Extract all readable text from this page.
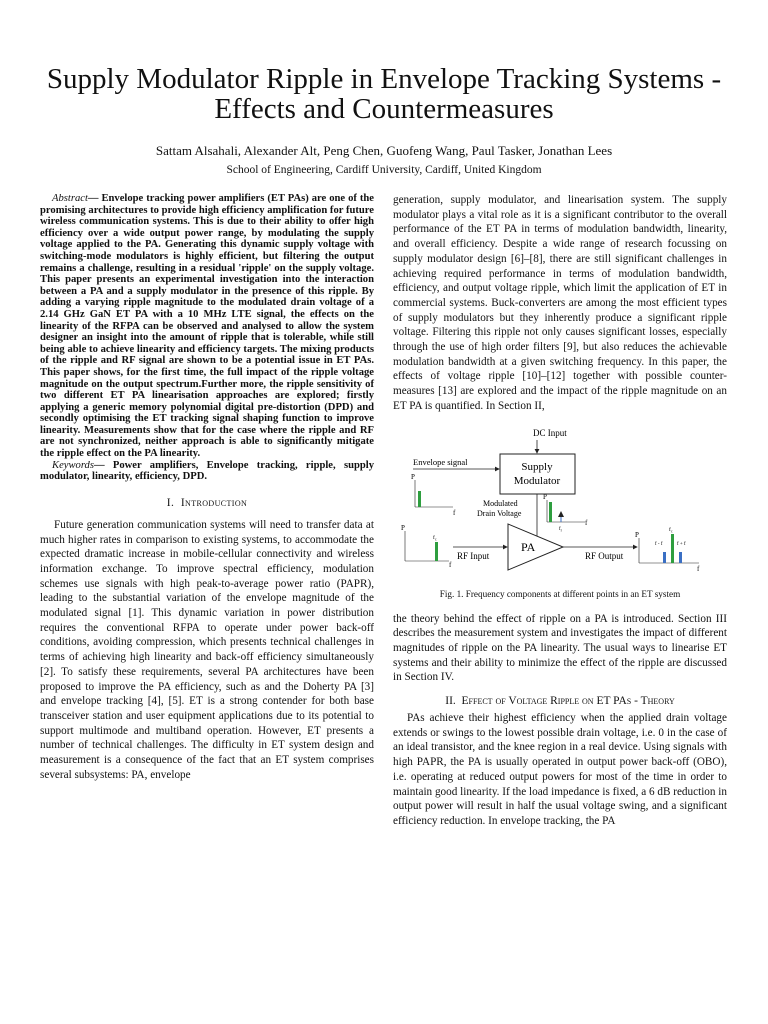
Supply Modulator Ripple in Envelope Tracking Systems - Effects and Countermeasures
Sattam Alsahali, Alexander Alt, Peng Chen, Guofeng Wang, Paul Tasker, Jonathan Lees
School of Engineering, Cardiff University, Cardiff, United Kingdom

Abstract— Envelope tracking power amplifiers (ET PAs) are one of the promising architectures to provide high efficiency amplification for future wireless communication systems. This is due to their ability to offer high efficiency over a wide output power range, by modulating the supply voltage applied to the PA. Generating this dynamic supply voltage with switching-mode modulators is highly efficient, but filtering the output remains a challenge, resulting in a residual 'ripple' on the supply voltage. This paper presents an experimental investigation into the interaction between a PA and a supply modulator in the presence of this ripple. By adding a varying ripple magnitude to the modulated drain voltage of a 2.14 GHz GaN ET PA with a 10 MHz LTE signal, the effects on the linearity of the RFPA can be observed and analysed to allow the system designer an insight into the amount of ripple that is tolerable, while still being able to achieve linearity and efficiency targets. The mixing products of the ripple and RF signal are shown to be a potential issue in ET PAs. This paper shows, for the first time, the full impact of the ripple voltage magnitude on the output spectrum.Further more, the ripple sensitivity of two different ET PA linearisation approaches are explored; firstly applying a generic memory polynomial digital pre-distortion (DPD) and secondly optimising the ET tracking signal shaping function to improve linearity. Measurements show that for the case where the ripple and RF are not synchronized, neither approach is able to significantly mitigate the ripple effect on the PA linearity.

Keywords— Power amplifiers, Envelope tracking, ripple, supply modulator, linearity, efficiency, DPD.

I. Introduction

Future generation communication systems will need to transfer data at much higher rates in comparison to existing systems, to accommodate the expected dramatic increase in mobile-cellular connectivity and wireless information exchange. To improve spectral efficiency, modulation schemes use signals with high peak-to-average power ratio (PAPR), leading to the substantial variation of the envelope magnitude of the modulated signal [1]. This dynamic variation in power distribution requires the conventional RFPA to operate under power back-off conditions, avoiding compression, which presents technical challenges in terms of achieving high linearity and back-off efficiency simultaneously [2]. To satisfy these requirements, several PA architectures have been proposed to improve the PA efficiency, such as and the Doherty PA [3] and envelope tracking [4], [5]. ET is a strong contender for both base transceiver station and user equipment applications due to its potential to support multimode and multiband operation. However, ET presents a number of technical challenges. The difficulty in ET system design and measurement is a consequence of the fact that an ET system comprises several subsystems: PA, envelope

generation, supply modulator, and linearisation system. The supply modulator plays a vital role as it is a significant contributor to the overall performance of the ET PA in terms of modulation bandwidth, linearity, and overall efficiency. Despite a wide range of research focussing on supply modulator design [6]–[8], there are still significant challenges in achieving required performance in terms of modulation bandwidth, efficiency, and output voltage ripple, which limit the application of ET in commercial systems. Buck-converters are among the most efficient types of supply modulators but they inherently produce a significant ripple voltage. Filtering this ripple not only causes significant losses, especially through the use of high order filters [9], but also reduces the achievable modulation bandwidth at a given switching frequency. In this paper, the effects of voltage ripple [10]–[12] together with possible counter-measures [13] are explored and the impact of the ripple magnitude on an ET PA is quantified. In Section II,

DC Input
Supply
Modulator
Envelope signal
P
f
Modulated
Drain Voltage
P
f
$f_r$
P
f
$f_c$
RF Input
PA
RF Output
P
f
$f_c$
f - f	f + f
Fig. 1. Frequency components at different points in an ET system

the theory behind the effect of ripple on a PA is introduced. Section III describes the measurement system and investigates the impact of different magnitudes of ripple on the PA linearity. The usual ways to linearise ET systems and their ability to minimize the effect of the ripple are discussed in Section IV.

II. Effect of Voltage Ripple on ET PAs - Theory

PAs achieve their highest efficiency when the applied drain voltage extends or swings to the lowest possible drain voltage, i.e. 0 in the case of an ideal transistor, and the knee region in a real device. Using signals with high PAPR, the PA is usually operated in output power back-off (OBO), i.e. operating at reduced output powers for most of the time in order to maintain good linearity. If the load impedance is fixed, a 6 dB reduction in output power will result in half the usual voltage swing, and a significant efficiency reduction. In envelope tracking, the PA
